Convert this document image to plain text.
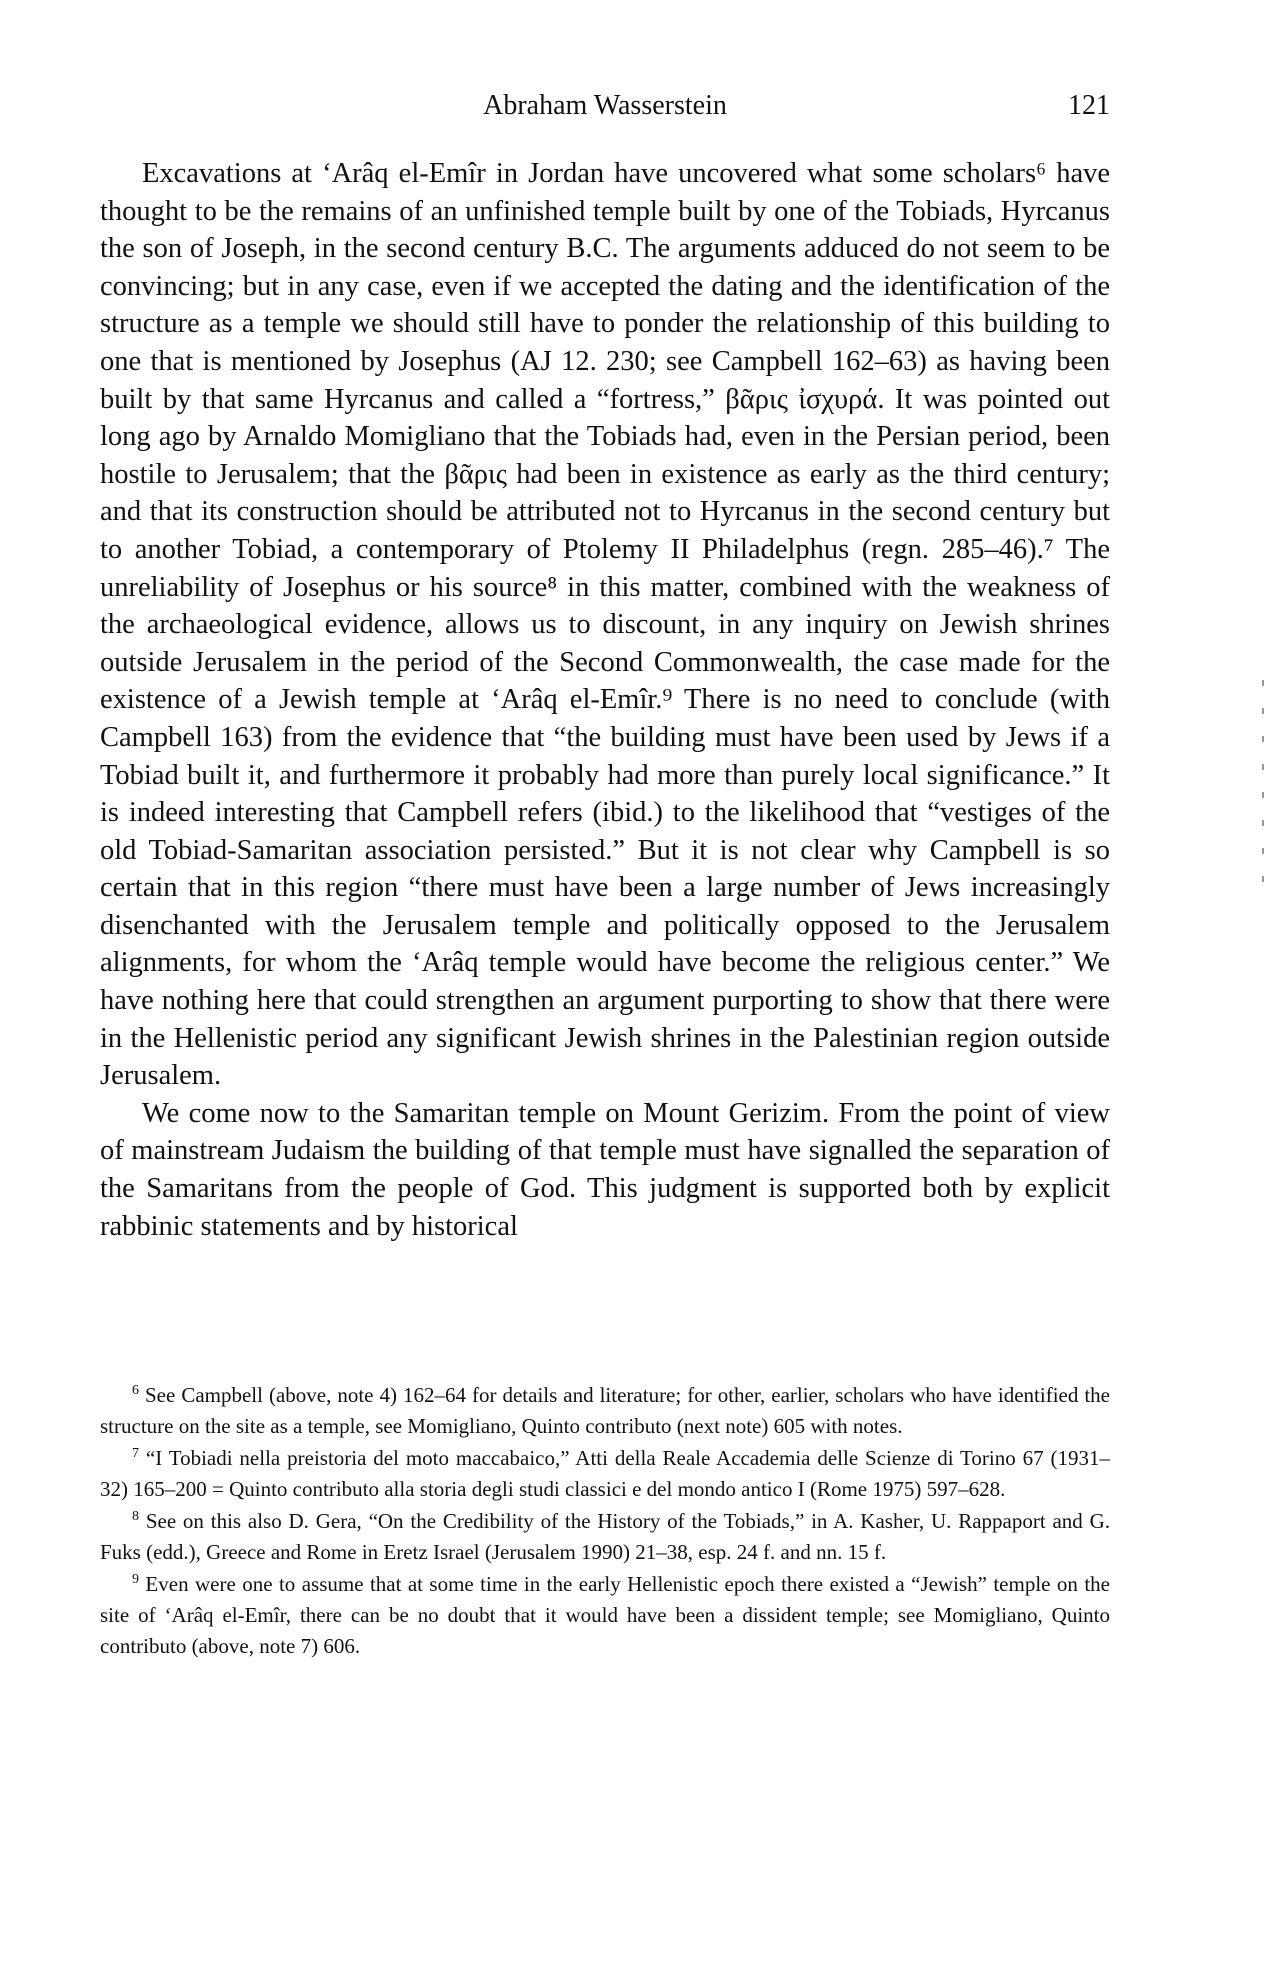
Abraham Wasserstein	121

Excavations at ‘Arâq el-Emîr in Jordan have uncovered what some scholars⁶ have thought to be the remains of an unfinished temple built by one of the Tobiads, Hyrcanus the son of Joseph, in the second century B.C. The arguments adduced do not seem to be convincing; but in any case, even if we accepted the dating and the identification of the structure as a temple we should still have to ponder the relationship of this building to one that is mentioned by Josephus (AJ 12. 230; see Campbell 162–63) as having been built by that same Hyrcanus and called a “fortress,” βᾶρις ἰσχυρά. It was pointed out long ago by Arnaldo Momigliano that the Tobiads had, even in the Persian period, been hostile to Jerusalem; that the βᾶρις had been in existence as early as the third century; and that its construction should be attributed not to Hyrcanus in the second century but to another Tobiad, a contemporary of Ptolemy II Philadelphus (regn. 285–46).⁷ The unreliability of Josephus or his source⁸ in this matter, combined with the weakness of the archaeological evidence, allows us to discount, in any inquiry on Jewish shrines outside Jerusalem in the period of the Second Commonwealth, the case made for the existence of a Jewish temple at ‘Arâq el-Emîr.⁹ There is no need to conclude (with Campbell 163) from the evidence that “the building must have been used by Jews if a Tobiad built it, and furthermore it probably had more than purely local significance.” It is indeed interesting that Campbell refers (ibid.) to the likelihood that “vestiges of the old Tobiad-Samaritan association persisted.” But it is not clear why Campbell is so certain that in this region “there must have been a large number of Jews increasingly disenchanted with the Jerusalem temple and politically opposed to the Jerusalem alignments, for whom the ‘Arâq temple would have become the religious center.” We have nothing here that could strengthen an argument purporting to show that there were in the Hellenistic period any significant Jewish shrines in the Palestinian region outside Jerusalem.

We come now to the Samaritan temple on Mount Gerizim. From the point of view of mainstream Judaism the building of that temple must have signalled the separation of the Samaritans from the people of God. This judgment is supported both by explicit rabbinic statements and by historical

$^6$ See Campbell (above, note 4) 162–64 for details and literature; for other, earlier, scholars who have identified the structure on the site as a temple, see Momigliano, Quinto contributo (next note) 605 with notes.

$^7$ “I Tobiadi nella preistoria del moto maccabaico,” Atti della Reale Accademia delle Scienze di Torino 67 (1931–32) 165–200 = Quinto contributo alla storia degli studi classici e del mondo antico I (Rome 1975) 597–628.

$^8$ See on this also D. Gera, “On the Credibility of the History of the Tobiads,” in A. Kasher, U. Rappaport and G. Fuks (edd.), Greece and Rome in Eretz Israel (Jerusalem 1990) 21–38, esp. 24 f. and nn. 15 f.

$^9$ Even were one to assume that at some time in the early Hellenistic epoch there existed a “Jewish” temple on the site of ‘Arâq el-Emîr, there can be no doubt that it would have been a dissident temple; see Momigliano, Quinto contributo (above, note 7) 606.
